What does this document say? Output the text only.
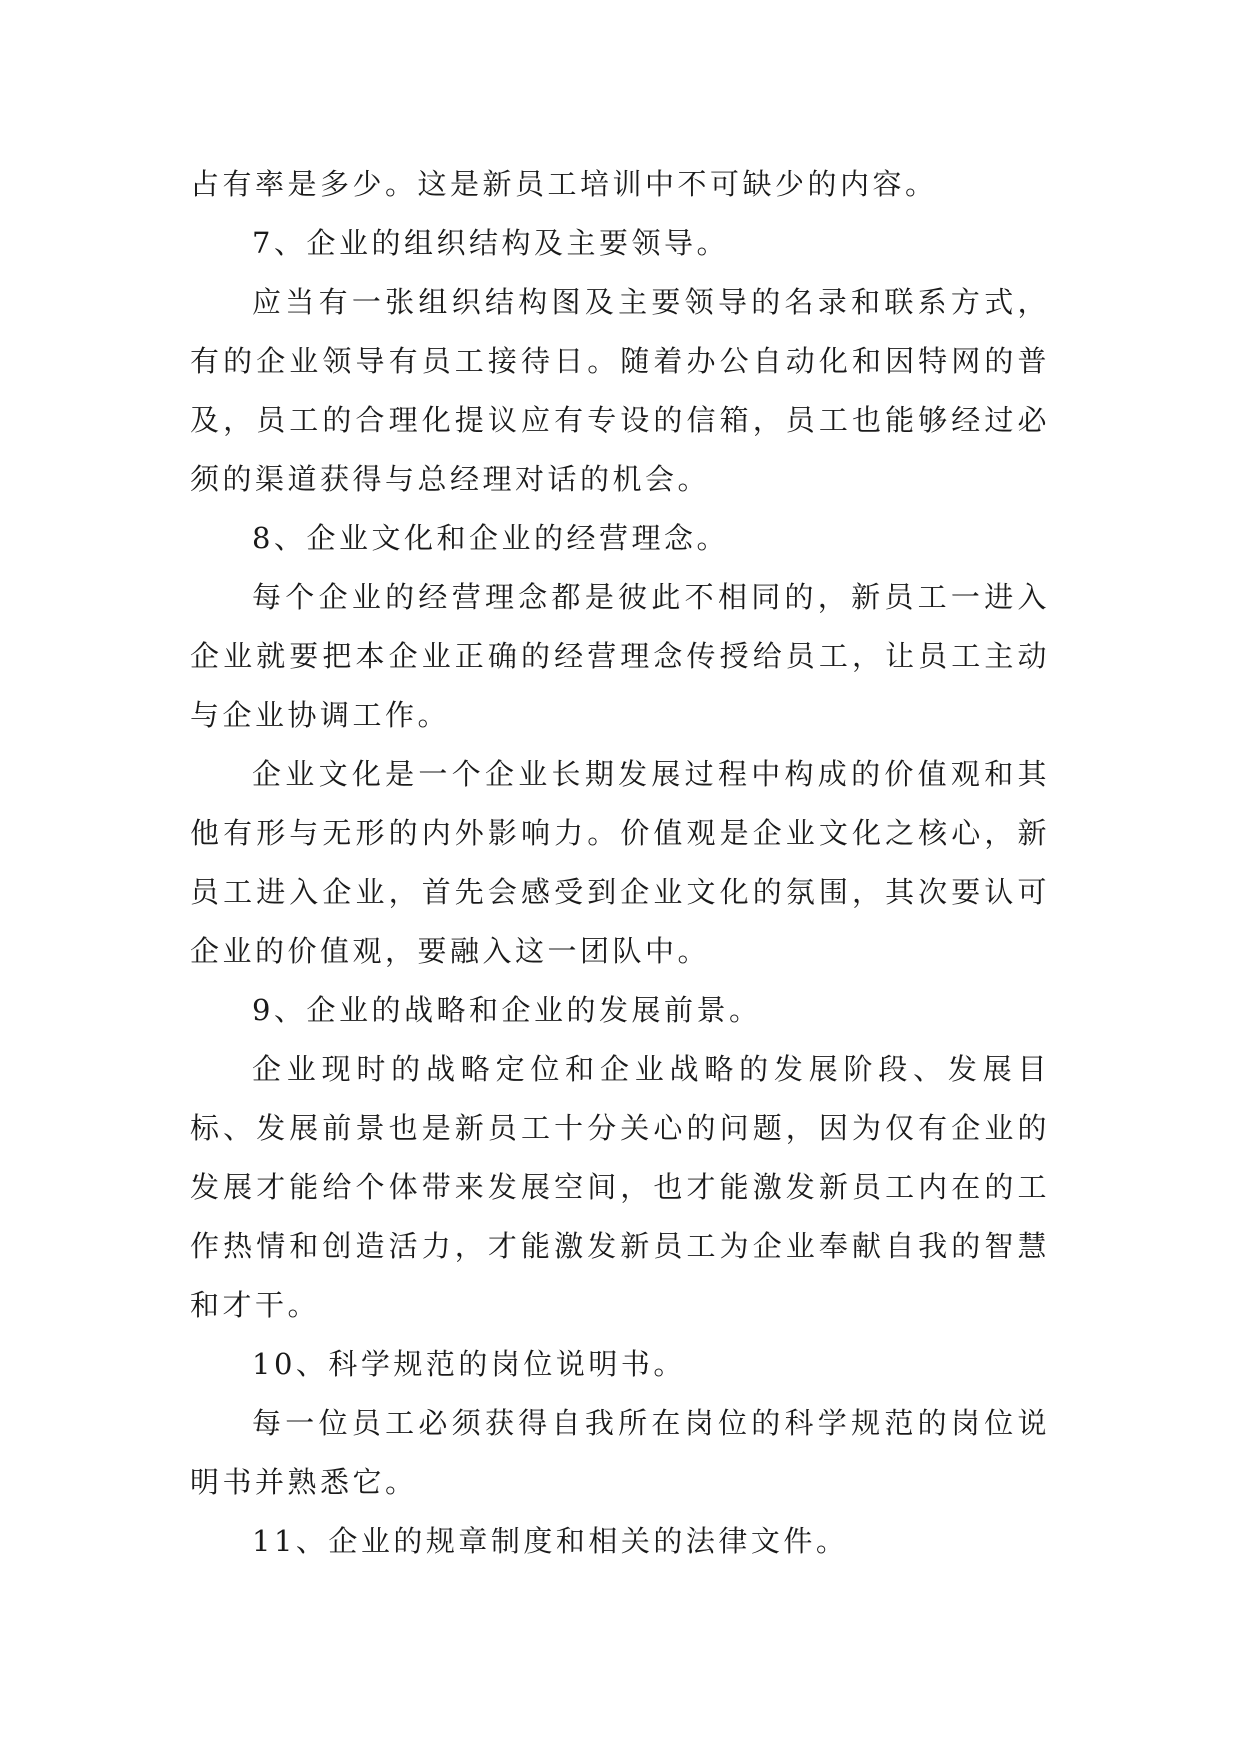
占有率是多少。这是新员工培训中不可缺少的内容。

7、企业的组织结构及主要领导。

应当有一张组织结构图及主要领导的名录和联系方式，有的企业领导有员工接待日。随着办公自动化和因特网的普及，员工的合理化提议应有专设的信箱，员工也能够经过必须的渠道获得与总经理对话的机会。

8、企业文化和企业的经营理念。

每个企业的经营理念都是彼此不相同的，新员工一进入企业就要把本企业正确的经营理念传授给员工，让员工主动与企业协调工作。

企业文化是一个企业长期发展过程中构成的价值观和其他有形与无形的内外影响力。价值观是企业文化之核心，新员工进入企业，首先会感受到企业文化的氛围，其次要认可企业的价值观，要融入这一团队中。

9、企业的战略和企业的发展前景。

企业现时的战略定位和企业战略的发展阶段、发展目标、发展前景也是新员工十分关心的问题，因为仅有企业的发展才能给个体带来发展空间，也才能激发新员工内在的工作热情和创造活力，才能激发新员工为企业奉献自我的智慧和才干。

10、科学规范的岗位说明书。

每一位员工必须获得自我所在岗位的科学规范的岗位说明书并熟悉它。

11、企业的规章制度和相关的法律文件。
